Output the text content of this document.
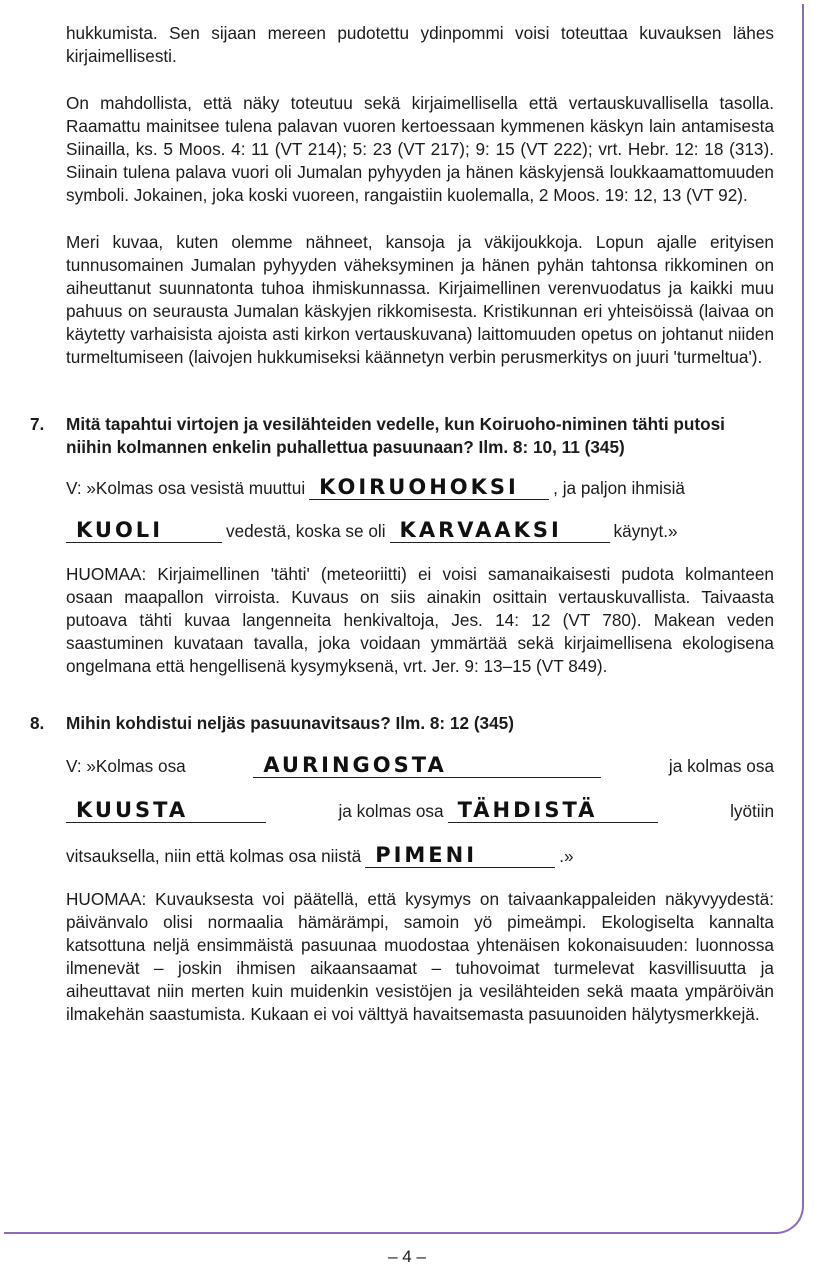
hukkumista. Sen sijaan mereen pudotettu ydinpommi voisi toteuttaa kuvauksen lähes kirjaimellisesti.

On mahdollista, että näky toteutuu sekä kirjaimellisella että vertauskuvallisella tasolla. Raamattu mainitsee tulena palavan vuoren kertoessaan kymmenen käskyn lain antamisesta Siinailla, ks. 5 Moos. 4: 11 (VT 214); 5: 23 (VT 217); 9: 15 (VT 222); vrt. Hebr. 12: 18 (313). Siinain tulena palava vuori oli Jumalan pyhyyden ja hänen käskyjensä loukkaamattomuuden symboli. Jokainen, joka koski vuoreen, rangaistiin kuolemalla, 2 Moos. 19: 12, 13 (VT 92).

Meri kuvaa, kuten olemme nähneet, kansoja ja väkijoukkoja. Lopun ajalle erityisen tunnusomainen Jumalan pyhyyden väheksyminen ja hänen pyhän tahtonsa rikkominen on aiheuttanut suunnatonta tuhoa ihmiskunnassa. Kirjaimellinen verenvuodatus ja kaikki muu pahuus on seurausta Jumalan käskyjen rikkomisesta. Kristikunnan eri yhteisöissä (laivaa on käytetty varhaisista ajoista asti kirkon vertauskuvana) laittomuuden opetus on johtanut niiden turmeltumiseen (laivojen hukkumiseksi käännetyn verbin perusmerkitys on juuri 'turmeltua').

7.	Mitä tapahtui virtojen ja vesilähteiden vedelle, kun Koiruoho-niminen tähti putosi niihin kolmannen enkelin puhallettua pasuunaan? Ilm. 8: 10, 11 (345)
V: »Kolmas osa vesistä muuttui KOIRUOHOKSI	, ja paljon ihmisiä
KUOLI	vedestä, koska se oli KARVAAKSI	käynyt.»

HUOMAA: Kirjaimellinen 'tähti' (meteoriitti) ei voisi samanaikaisesti pudota kolmanteen osaan maapallon virroista. Kuvaus on siis ainakin osittain vertauskuvallista. Taivaasta putoava tähti kuvaa langenneita henkivaltoja, Jes. 14: 12 (VT 780). Makean veden saastuminen kuvataan tavalla, joka voidaan ymmärtää sekä kirjaimellisena ekologisena ongelmana että hengellisenä kysymyksenä, vrt. Jer. 9: 13–15 (VT 849).

8.	Mihin kohdistui neljäs pasuunavitsaus? Ilm. 8: 12 (345)
V: »Kolmas osa	AURINGOSTA	ja kolmas osa
KUUSTA	ja kolmas osa TÄHDISTÄ	lyötiin
vitsauksella, niin että kolmas osa niistä PIMENI	.»

HUOMAA: Kuvauksesta voi päätellä, että kysymys on taivaankappaleiden näkyvyydestä: päivänvalo olisi normaalia hämärämpi, samoin yö pimeämpi. Ekologiselta kannalta katsottuna neljä ensimmäistä pasuunaa muodostaa yhtenäisen kokonaisuuden: luonnossa ilmenevät – joskin ihmisen aikaansaamat – tuhovoimat turmelevat kasvillisuutta ja aiheuttavat niin merten kuin muidenkin vesistöjen ja vesilähteiden sekä maata ympäröivän ilmakehän saastumista. Kukaan ei voi välttyä havaitsemasta pasuunoiden hälytysmerkkejä.

– 4 –
